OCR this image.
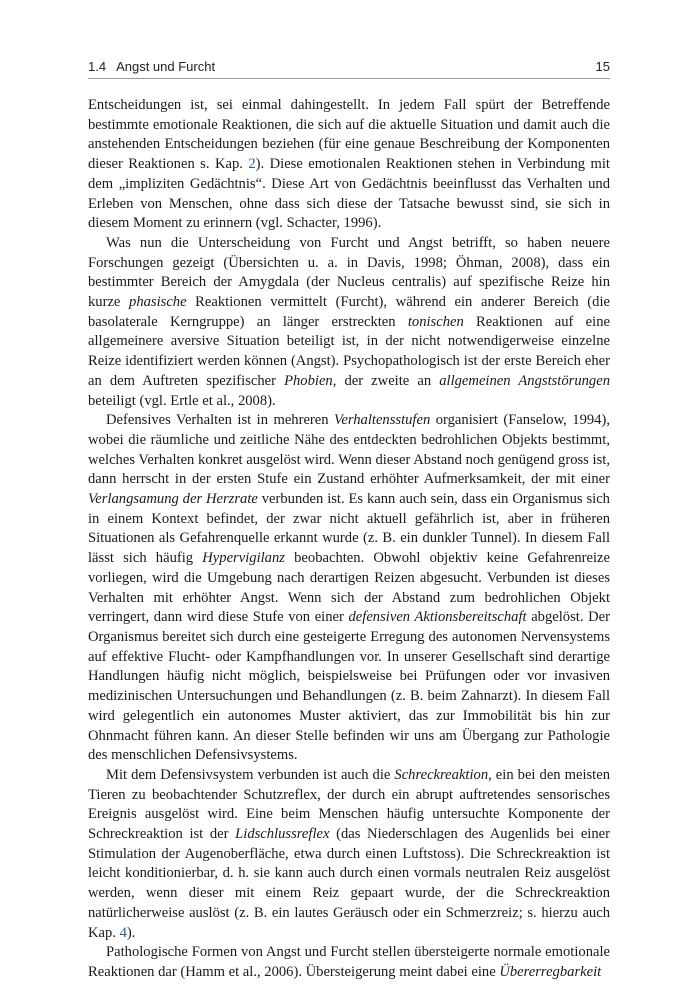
1.4 Angst und Furcht	15

Entscheidungen ist, sei einmal dahingestellt. In jedem Fall spürt der Betreffende bestimmte emotionale Reaktionen, die sich auf die aktuelle Situation und damit auch die anstehenden Entscheidungen beziehen (für eine genaue Beschreibung der Komponenten dieser Reaktionen s. Kap. 2). Diese emotionalen Reaktionen stehen in Verbindung mit dem „impliziten Gedächtnis“. Diese Art von Gedächtnis beeinflusst das Verhalten und Erleben von Menschen, ohne dass sich diese der Tatsache bewusst sind, sie sich in diesem Moment zu erinnern (vgl. Schacter, 1996).

Was nun die Unterscheidung von Furcht und Angst betrifft, so haben neuere Forschungen gezeigt (Übersichten u. a. in Davis, 1998; Öhman, 2008), dass ein bestimmter Bereich der Amygdala (der Nucleus centralis) auf spezifische Reize hin kurze phasische Reaktionen vermittelt (Furcht), während ein anderer Bereich (die basolaterale Kerngruppe) an länger erstreckten tonischen Reaktionen auf eine allgemeinere aversive Situation beteiligt ist, in der nicht notwendigerweise einzelne Reize identifiziert werden können (Angst). Psychopathologisch ist der erste Bereich eher an dem Auftreten spezifischer Phobien, der zweite an allgemeinen Angststörungen beteiligt (vgl. Ertle et al., 2008).

Defensives Verhalten ist in mehreren Verhaltensstufen organisiert (Fanselow, 1994), wobei die räumliche und zeitliche Nähe des entdeckten bedrohlichen Objekts bestimmt, welches Verhalten konkret ausgelöst wird. Wenn dieser Abstand noch genügend gross ist, dann herrscht in der ersten Stufe ein Zustand erhöhter Aufmerksamkeit, der mit einer Verlangsamung der Herzrate verbunden ist. Es kann auch sein, dass ein Organismus sich in einem Kontext befindet, der zwar nicht aktuell gefährlich ist, aber in früheren Situationen als Gefahrenquelle erkannt wurde (z. B. ein dunkler Tunnel). In diesem Fall lässt sich häufig Hypervigilanz beobachten. Obwohl objektiv keine Gefahrenreize vorliegen, wird die Umgebung nach derartigen Reizen abgesucht. Verbunden ist dieses Verhalten mit erhöhter Angst. Wenn sich der Abstand zum bedrohlichen Objekt verringert, dann wird diese Stufe von einer defensiven Aktionsbereitschaft abgelöst. Der Organismus bereitet sich durch eine gesteigerte Erregung des autonomen Nervensystems auf effektive Flucht- oder Kampfhandlungen vor. In unserer Gesellschaft sind derartige Handlungen häufig nicht möglich, beispielsweise bei Prüfungen oder vor invasiven medizinischen Untersuchungen und Behandlungen (z. B. beim Zahnarzt). In diesem Fall wird gelegentlich ein autonomes Muster aktiviert, das zur Immobilität bis hin zur Ohnmacht führen kann. An dieser Stelle befinden wir uns am Übergang zur Pathologie des menschlichen Defensivsystems.

Mit dem Defensivsystem verbunden ist auch die Schreckreaktion, ein bei den meisten Tieren zu beobachtender Schutzreflex, der durch ein abrupt auftretendes sensorisches Ereignis ausgelöst wird. Eine beim Menschen häufig untersuchte Komponente der Schreckreaktion ist der Lidschlussreflex (das Niederschlagen des Augenlids bei einer Stimulation der Augenoberfläche, etwa durch einen Luftstoss). Die Schreckreaktion ist leicht konditionierbar, d. h. sie kann auch durch einen vormals neutralen Reiz ausgelöst werden, wenn dieser mit einem Reiz gepaart wurde, der die Schreckreaktion natürlicherweise auslöst (z. B. ein lautes Geräusch oder ein Schmerzreiz; s. hierzu auch Kap. 4).

Pathologische Formen von Angst und Furcht stellen übersteigerte normale emotionale Reaktionen dar (Hamm et al., 2006). Übersteigerung meint dabei eine Übererregbarkeit
